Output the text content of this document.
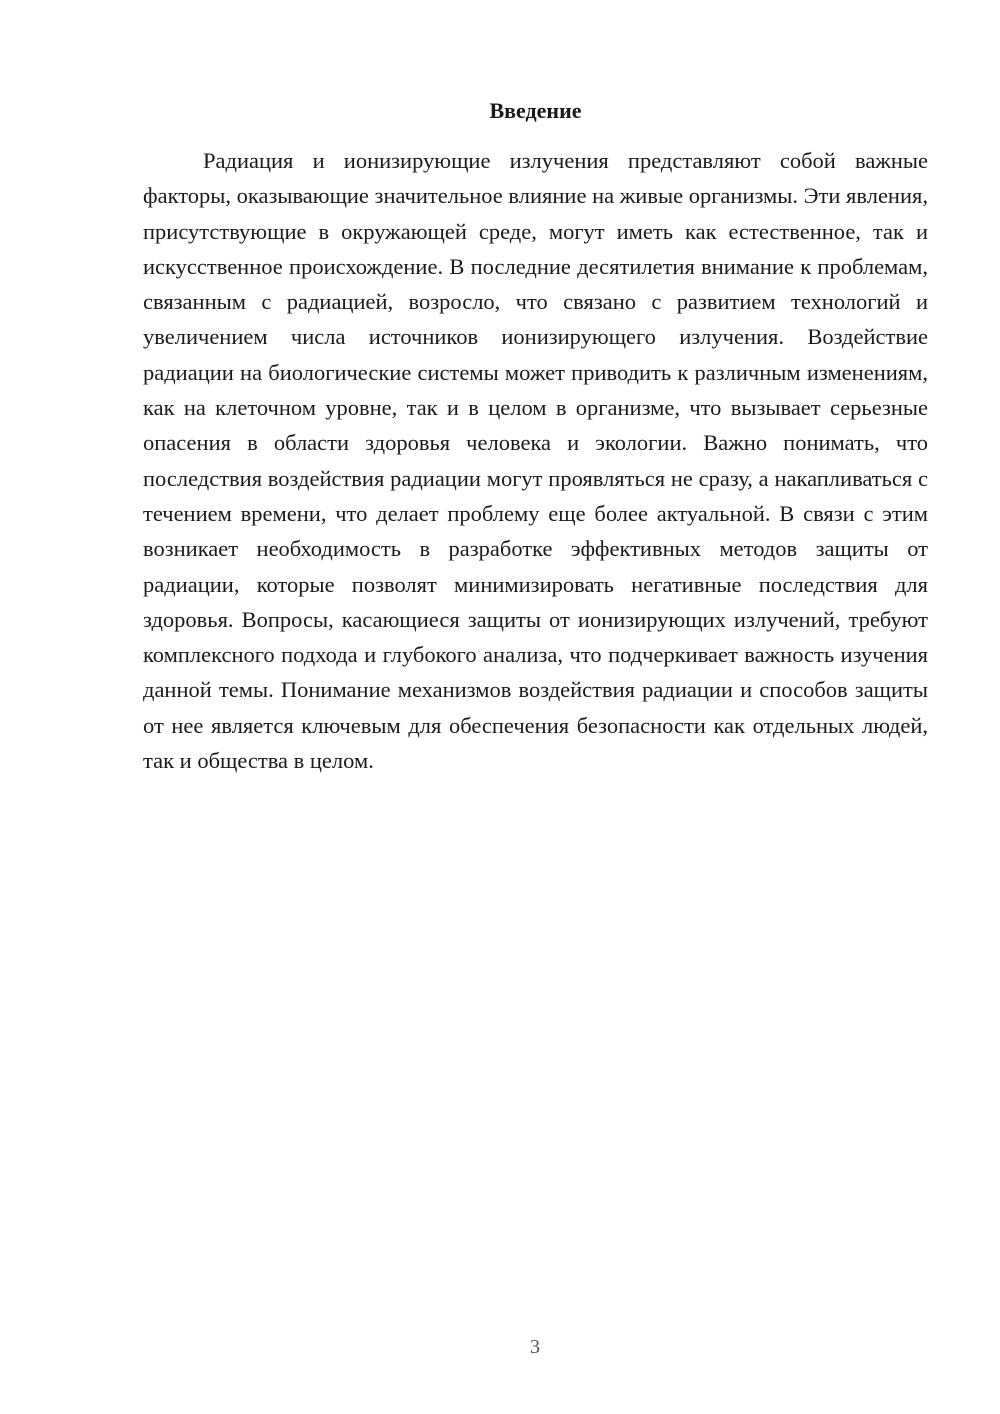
Введение

Радиация и ионизирующие излучения представляют собой важные факторы, оказывающие значительное влияние на живые организмы. Эти явления, присутствующие в окружающей среде, могут иметь как естественное, так и искусственное происхождение. В последние десятилетия внимание к проблемам, связанным с радиацией, возросло, что связано с развитием технологий и увеличением числа источников ионизирующего излучения. Воздействие радиации на биологические системы может приводить к различным изменениям, как на клеточном уровне, так и в целом в организме, что вызывает серьезные опасения в области здоровья человека и экологии. Важно понимать, что последствия воздействия радиации могут проявляться не сразу, а накапливаться с течением времени, что делает проблему еще более актуальной. В связи с этим возникает необходимость в разработке эффективных методов защиты от радиации, которые позволят минимизировать негативные последствия для здоровья. Вопросы, касающиеся защиты от ионизирующих излучений, требуют комплексного подхода и глубокого анализа, что подчеркивает важность изучения данной темы. Понимание механизмов воздействия радиации и способов защиты от нее является ключевым для обеспечения безопасности как отдельных людей, так и общества в целом.

3
